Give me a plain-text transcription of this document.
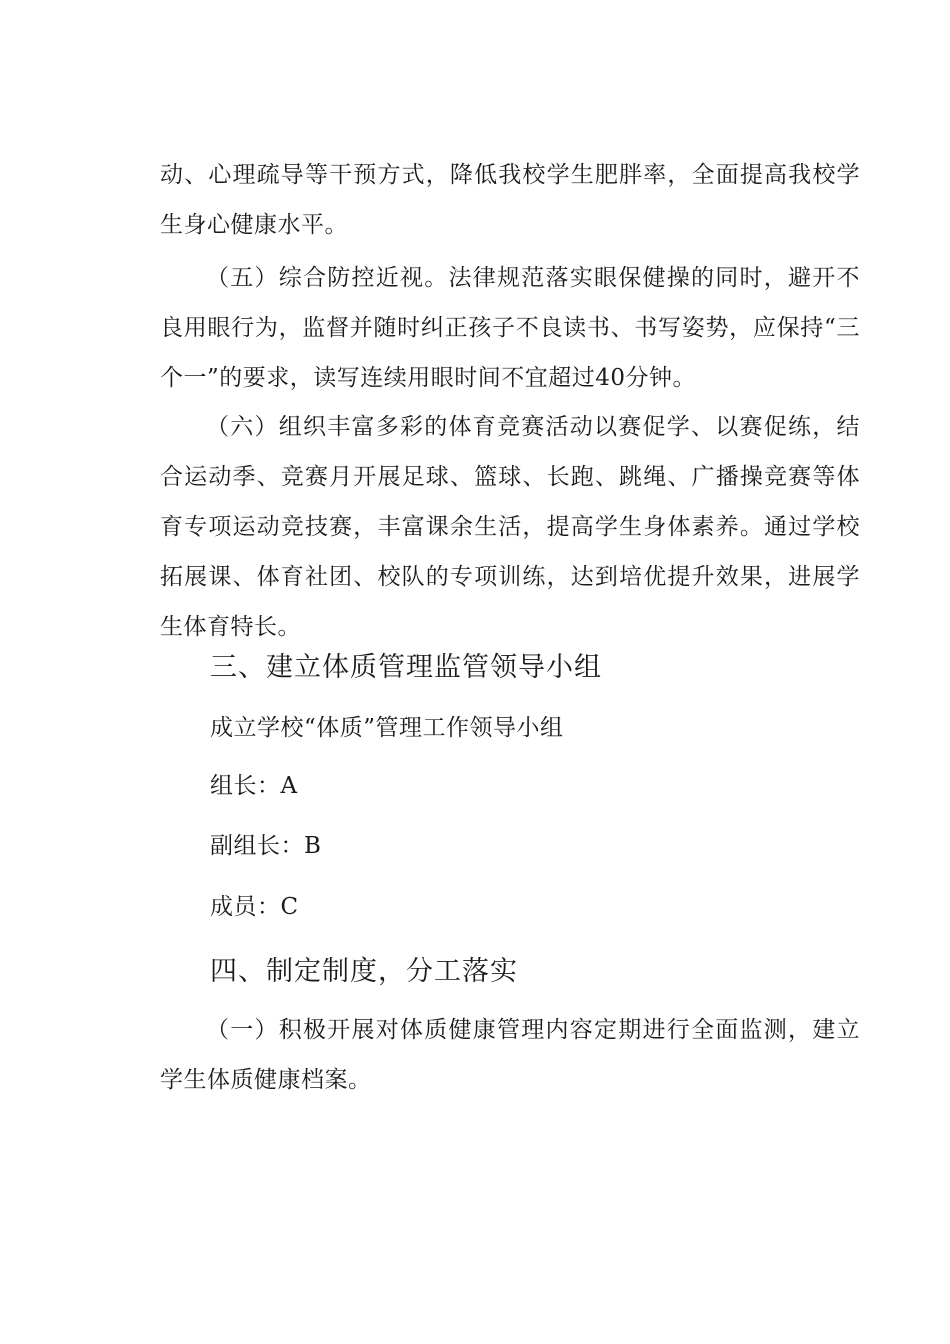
动、心理疏导等干预方式，降低我校学生肥胖率，全面提高我校学生身心健康水平。

（五）综合防控近视。法律规范落实眼保健操的同时，避开不良用眼行为，监督并随时纠正孩子不良读书、书写姿势，应保持“三个一”的要求，读写连续用眼时间不宜超过40分钟。

（六）组织丰富多彩的体育竞赛活动以赛促学、以赛促练，结合运动季、竞赛月开展足球、篮球、长跑、跳绳、广播操竞赛等体育专项运动竞技赛，丰富课余生活，提高学生身体素养。通过学校拓展课、体育社团、校队的专项训练，达到培优提升效果，进展学生体育特长。

三、建立体质管理监管领导小组

成立学校“体质”管理工作领导小组

组长：A

副组长：B

成员：C

四、制定制度，分工落实

（一）积极开展对体质健康管理内容定期进行全面监测，建立学生体质健康档案。
